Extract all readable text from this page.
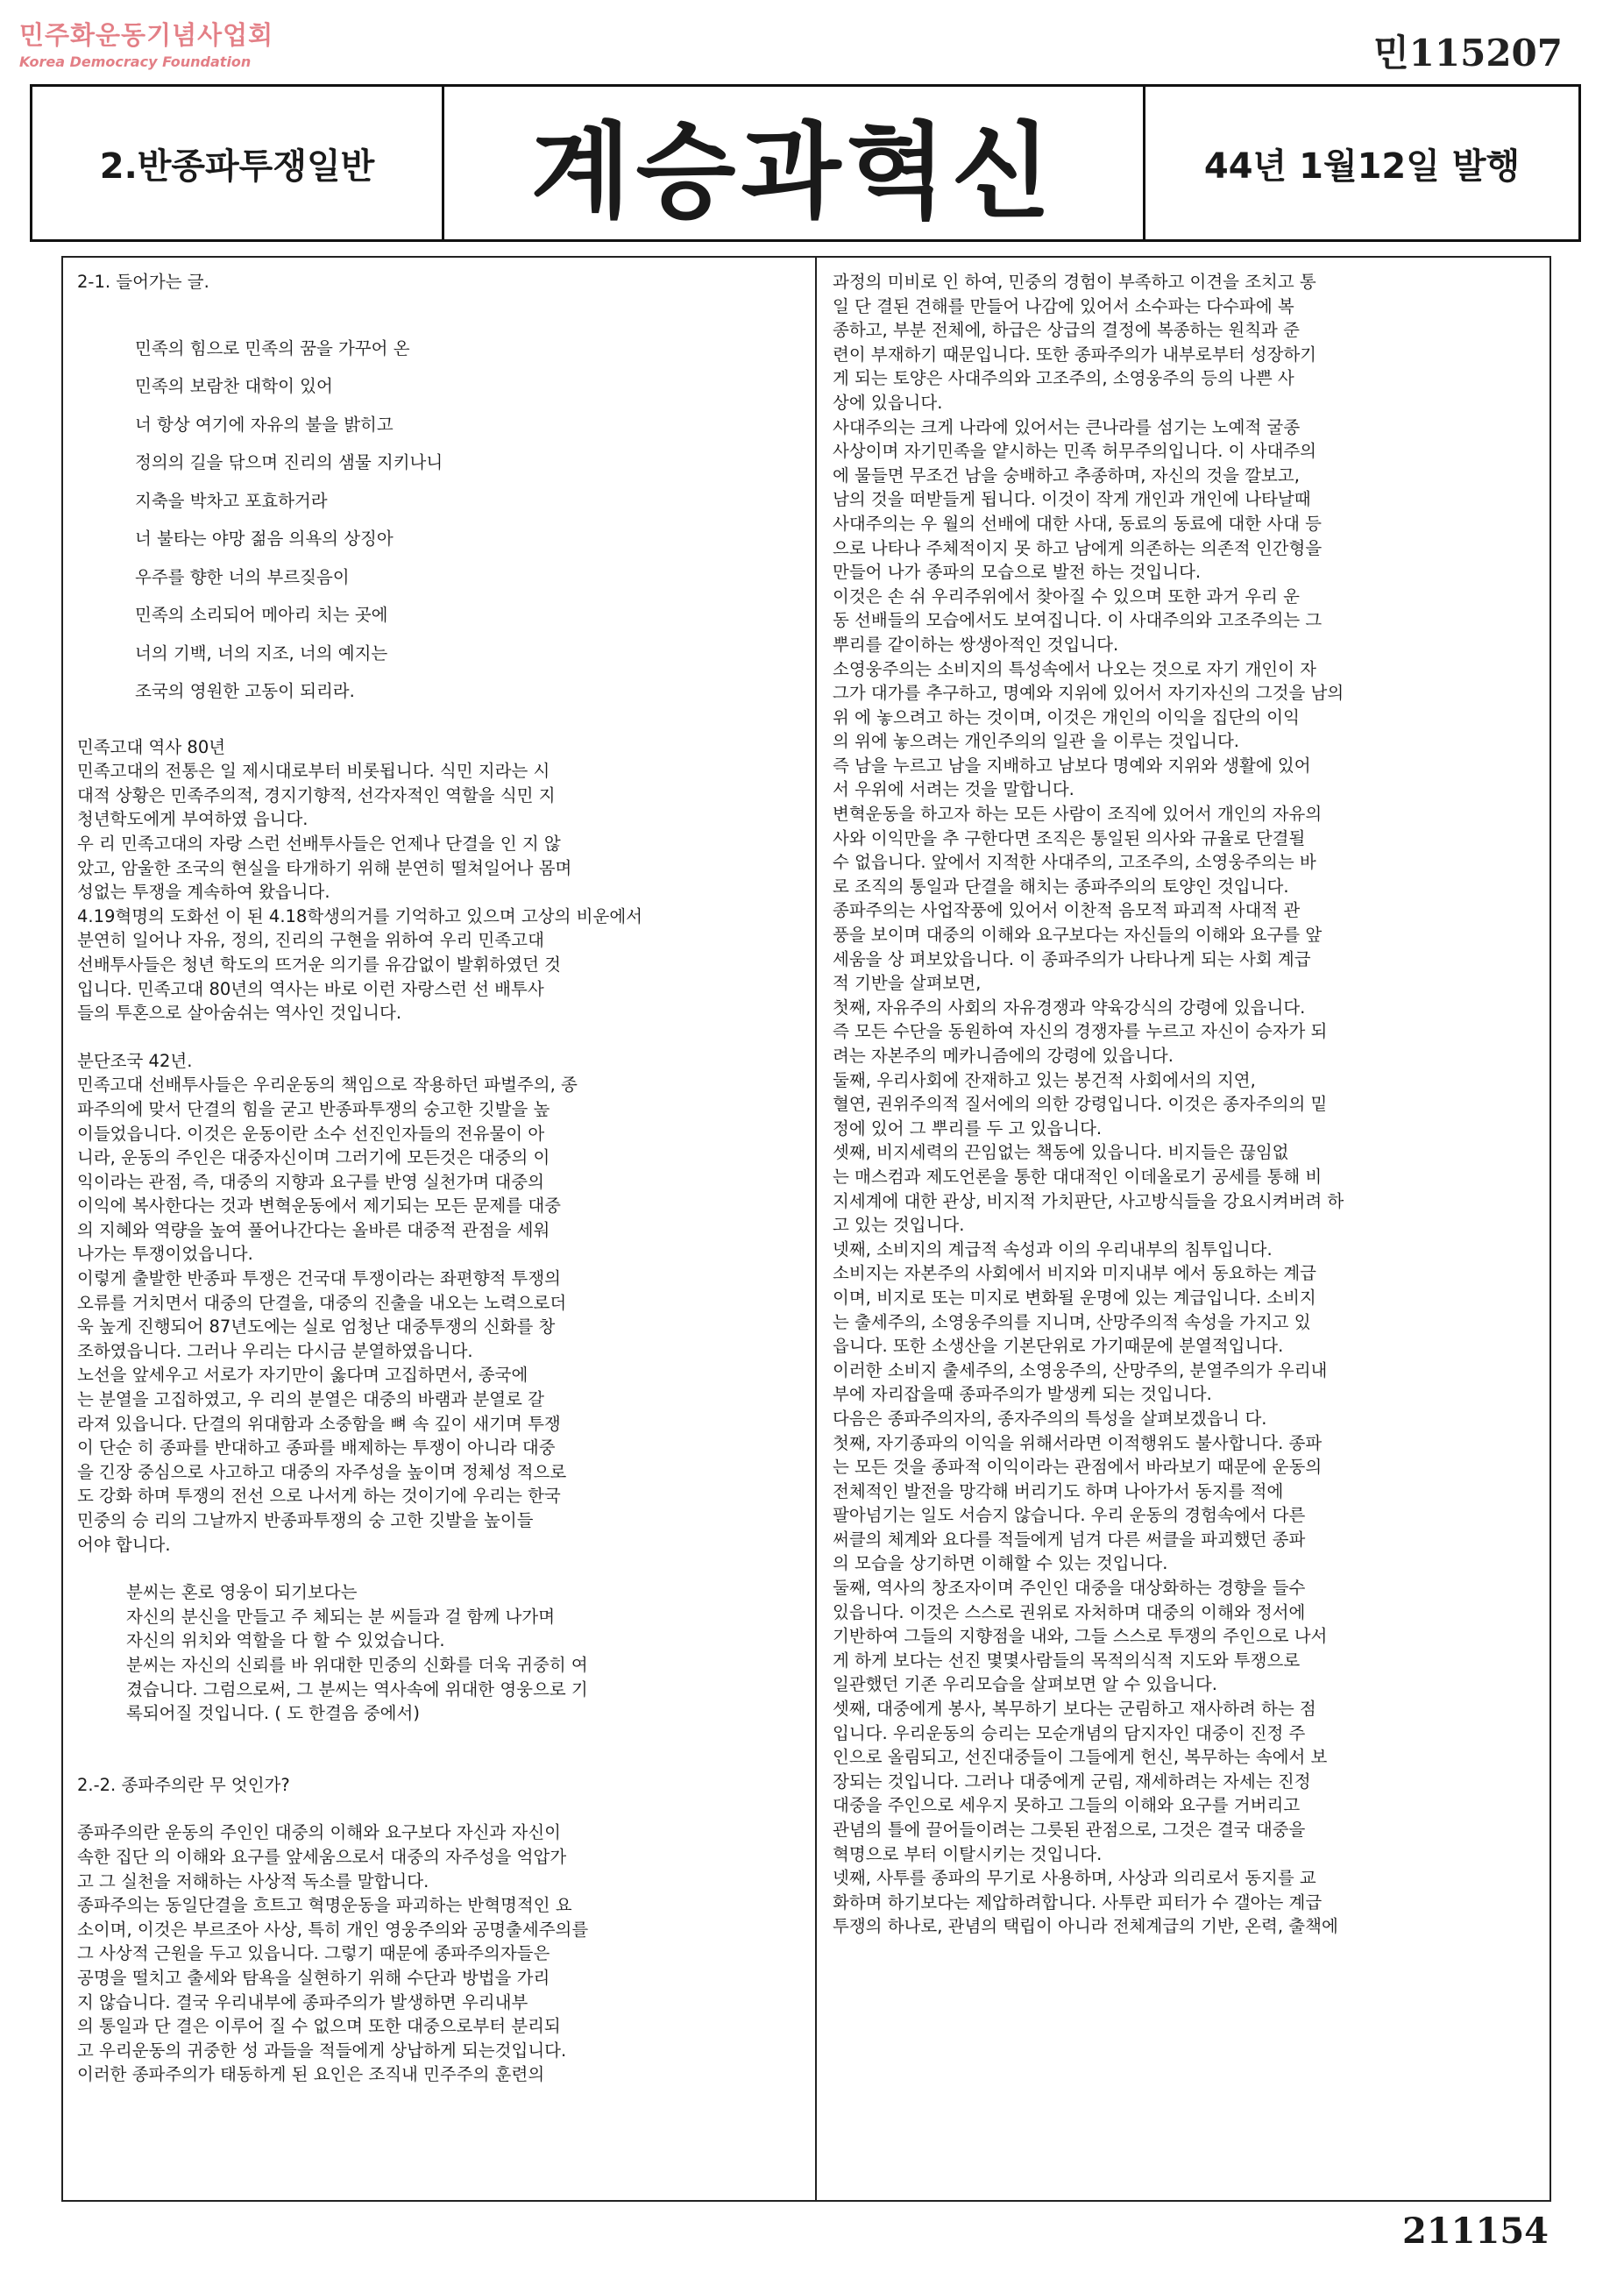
민주화운동기념사업회
Korea Democracy Foundation	민115207
2.반종파투쟁일반	계승과혁신	44년 1월12일 발행

2-1. 들어가는 글.

민족의 힘으로 민족의 꿈을 가꾸어 온
민족의 보람찬 대학이 있어
너 항상 여기에 자유의 불을 밝히고
정의의 길을 닦으며 진리의 샘물 지키나니
지축을 박차고 포효하거라
너 불타는 야망 젊음 의욕의 상징아
우주를 향한 너의 부르짖음이
민족의 소리되어 메아리 치는 곳에
너의 기백, 너의 지조, 너의 예지는
조국의 영원한 고동이 되리라.

민족고대 역사 80년

민족고대의 전통은 일 제시대로부터 비롯됩니다. 식민 지라는 시

대적 상황은 민족주의적, 경지기향적, 선각자적인 역할을 식민 지

청년학도에게 부여하였 읍니다.

우 리 민족고대의 자랑 스런 선배투사들은 언제나 단결을 인 지 않

았고, 암울한 조국의 현실을 타개하기 위해 분연히 떨쳐일어나 몸며

성없는 투쟁을 계속하여 왔읍니다.

4.19혁명의 도화선 이 된 4.18학생의거를 기억하고 있으며 고상의 비운에서

분연히 일어나 자유, 정의, 진리의 구현을 위하여 우리 민족고대

선배투사들은 청년 학도의 뜨거운 의기를 유감없이 발휘하였던 것

입니다. 민족고대 80년의 역사는 바로 이런 자랑스런 선 배투사

들의 투혼으로 살아숨쉬는 역사인 것입니다.

분단조국 42년.

민족고대 선배투사들은 우리운동의 책임으로 작용하던 파벌주의, 종

파주의에 맞서 단결의 힘을 굳고 반종파투쟁의 숭고한 깃발을 높

이들었읍니다. 이것은 운동이란 소수 선진인자들의 전유물이 아

니라, 운동의 주인은 대중자신이며 그러기에 모든것은 대중의 이

익이라는 관점, 즉, 대중의 지향과 요구를 반영 실천가며 대중의

이익에 복사한다는 것과 변혁운동에서 제기되는 모든 문제를 대중

의 지혜와 역량을 높여 풀어나간다는 올바른 대중적 관점을 세워

나가는 투쟁이었읍니다.

이렇게 출발한 반종파 투쟁은 건국대 투쟁이라는 좌편향적 투쟁의

오류를 거치면서 대중의 단결을, 대중의 진출을 내오는 노력으로더

욱 높게 진행되어 87년도에는 실로 엄청난 대중투쟁의 신화를 창

조하였읍니다. 그러나 우리는 다시금 분열하였읍니다.

노선을 앞세우고 서로가 자기만이 옳다며 고집하면서, 종국에

는 분열을 고집하였고, 우 리의 분열은 대중의 바램과 분열로 갈

라져 있읍니다. 단결의 위대함과 소중함을 뼈 속 깊이 새기며 투쟁

이 단순 히 종파를 반대하고 종파를 배제하는 투쟁이 아니라 대중

을 긴장 중심으로 사고하고 대중의 자주성을 높이며 정체성 적으로

도 강화 하며 투쟁의 전선 으로 나서게 하는 것이기에 우리는 한국

민중의 승 리의 그날까지 반종파투쟁의 숭 고한 깃발을 높이들

어야 합니다.

분씨는 혼로 영웅이 되기보다는

자신의 분신을 만들고 주 체되는 분 씨들과 걸 함께 나가며

자신의 위치와 역할을 다 할 수 있었습니다.

분씨는 자신의 신뢰를 바 위대한 민중의 신화를 더욱 귀중히 여

겼습니다. 그럼으로써, 그 분씨는 역사속에 위대한 영웅으로 기

록되어질 것입니다. ( 도 한결음 중에서)

2.-2. 종파주의란 무 엇인가?

종파주의란 운동의 주인인 대중의 이해와 요구보다 자신과 자신이

속한 집단 의 이해와 요구를 앞세움으로서 대중의 자주성을 억압가

고 그 실천을 저해하는 사상적 독소를 말합니다.

종파주의는 동일단결을 흐트고 혁명운동을 파괴하는 반혁명적인 요

소이며, 이것은 부르조아 사상, 특히 개인 영웅주의와 공명출세주의를

그 사상적 근원을 두고 있읍니다. 그렇기 때문에 종파주의자들은

공명을 떨치고 출세와 탐욕을 실현하기 위해 수단과 방법을 가리

지 않습니다. 결국 우리내부에 종파주의가 발생하면 우리내부

의 통일과 단 결은 이루어 질 수 없으며 또한 대중으로부터 분리되

고 우리운동의 귀중한 성 과들을 적들에게 상납하게 되는것입니다.

이러한 종파주의가 태동하게 된 요인은 조직내 민주주의 훈련의

과정의 미비로 인 하여, 민중의 경험이 부족하고 이견을 조치고 통

일 단 결된 견해를 만들어 나감에 있어서 소수파는 다수파에 복

종하고, 부분 전체에, 하급은 상급의 결정에 복종하는 원칙과 준

련이 부재하기 때문입니다. 또한 종파주의가 내부로부터 성장하기

게 되는 토양은 사대주의와 고조주의, 소영웅주의 등의 나쁜 사

상에 있읍니다.

사대주의는 크게 나라에 있어서는 큰나라를 섬기는 노예적 굴종

사상이며 자기민족을 얕시하는 민족 허무주의입니다. 이 사대주의

에 물들면 무조건 남을 숭배하고 추종하며, 자신의 것을 깔보고,

남의 것을 떠받들게 됩니다. 이것이 작게 개인과 개인에 나타날때

사대주의는 우 월의 선배에 대한 사대, 동료의 동료에 대한 사대 등

으로 나타나 주체적이지 못 하고 남에게 의존하는 의존적 인간형을

만들어 나가 종파의 모습으로 발전 하는 것입니다.

이것은 손 쉬 우리주위에서 찾아질 수 있으며 또한 과거 우리 운

동 선배들의 모습에서도 보여집니다. 이 사대주의와 고조주의는 그

뿌리를 같이하는 쌍생아적인 것입니다.

소영웅주의는 소비지의 특성속에서 나오는 것으로 자기 개인이 자

그가 대가를 추구하고, 명예와 지위에 있어서 자기자신의 그것을 남의

위 에 놓으려고 하는 것이며, 이것은 개인의 이익을 집단의 이익

의 위에 놓으려는 개인주의의 일관 을 이루는 것입니다.

즉 남을 누르고 남을 지배하고 남보다 명예와 지위와 생활에 있어

서 우위에 서려는 것을 말합니다.

변혁운동을 하고자 하는 모든 사람이 조직에 있어서 개인의 자유의

사와 이익만을 추 구한다면 조직은 통일된 의사와 규율로 단결될

수 없읍니다. 앞에서 지적한 사대주의, 고조주의, 소영웅주의는 바

로 조직의 통일과 단결을 해치는 종파주의의 토양인 것입니다.

종파주의는 사업작풍에 있어서 이찬적 음모적 파괴적 사대적 관

풍을 보이며 대중의 이해와 요구보다는 자신들의 이해와 요구를 앞

세움을 상 펴보았읍니다. 이 종파주의가 나타나게 되는 사회 계급

적 기반을 살펴보면,

첫째, 자유주의 사회의 자유경쟁과 약육강식의 강령에 있읍니다.

즉 모든 수단을 동원하여 자신의 경쟁자를 누르고 자신이 승자가 되

려는 자본주의 메카니즘에의 강령에 있읍니다.

둘째, 우리사회에 잔재하고 있는 봉건적 사회에서의 지연,

혈연, 권위주의적 질서에의 의한 강령입니다. 이것은 종자주의의 밑

정에 있어 그 뿌리를 두 고 있읍니다.

셋째, 비지세력의 끈임없는 책동에 있읍니다. 비지들은 끊임없

는 매스컴과 제도언론을 통한 대대적인 이데올로기 공세를 통해 비

지세계에 대한 관상, 비지적 가치판단, 사고방식들을 강요시켜버려 하

고 있는 것입니다.

넷째, 소비지의 계급적 속성과 이의 우리내부의 침투입니다.

소비지는 자본주의 사회에서 비지와 미지내부 에서 동요하는 계급

이며, 비지로 또는 미지로 변화될 운명에 있는 계급입니다. 소비지

는 출세주의, 소영웅주의를 지니며, 산망주의적 속성을 가지고 있

읍니다. 또한 소생산을 기본단위로 가기때문에 분열적입니다.

이러한 소비지 출세주의, 소영웅주의, 산망주의, 분열주의가 우리내

부에 자리잡을때 종파주의가 발생케 되는 것입니다.

다음은 종파주의자의, 종자주의의 특성을 살펴보겠읍니 다.

첫째, 자기종파의 이익을 위해서라면 이적행위도 불사합니다. 종파

는 모든 것을 종파적 이익이라는 관점에서 바라보기 때문에 운동의

전체적인 발전을 망각해 버리기도 하며 나아가서 동지를 적에

팔아넘기는 일도 서슴지 않습니다. 우리 운동의 경험속에서 다른

써클의 체계와 요다를 적들에게 넘겨 다른 써클을 파괴했던 종파

의 모습을 상기하면 이해할 수 있는 것입니다.

둘째, 역사의 창조자이며 주인인 대중을 대상화하는 경향을 들수

있읍니다. 이것은 스스로 권위로 자처하며 대중의 이해와 정서에

기반하여 그들의 지향점을 내와, 그들 스스로 투쟁의 주인으로 나서

게 하게 보다는 선진 몇몇사람들의 목적의식적 지도와 투쟁으로

일관했던 기존 우리모습을 살펴보면 알 수 있읍니다.

셋째, 대중에게 봉사, 복무하기 보다는 군림하고 재사하려 하는 점

입니다. 우리운동의 승리는 모순개념의 담지자인 대중이 진정 주

인으로 올림되고, 선진대중들이 그들에게 헌신, 복무하는 속에서 보

장되는 것입니다. 그러나 대중에게 군림, 재세하려는 자세는 진정

대중을 주인으로 세우지 못하고 그들의 이해와 요구를 거버리고

관념의 틀에 끌어들이려는 그릇된 관점으로, 그것은 결국 대중을

혁명으로 부터 이탈시키는 것입니다.

넷째, 사투를 종파의 무기로 사용하며, 사상과 의리로서 동지를 교

화하며 하기보다는 제압하려합니다. 사투란 피터가 수 갤아는 계급

투쟁의 하나로, 관념의 택립이 아니라 전체계급의 기반, 온력, 출책에

211154
